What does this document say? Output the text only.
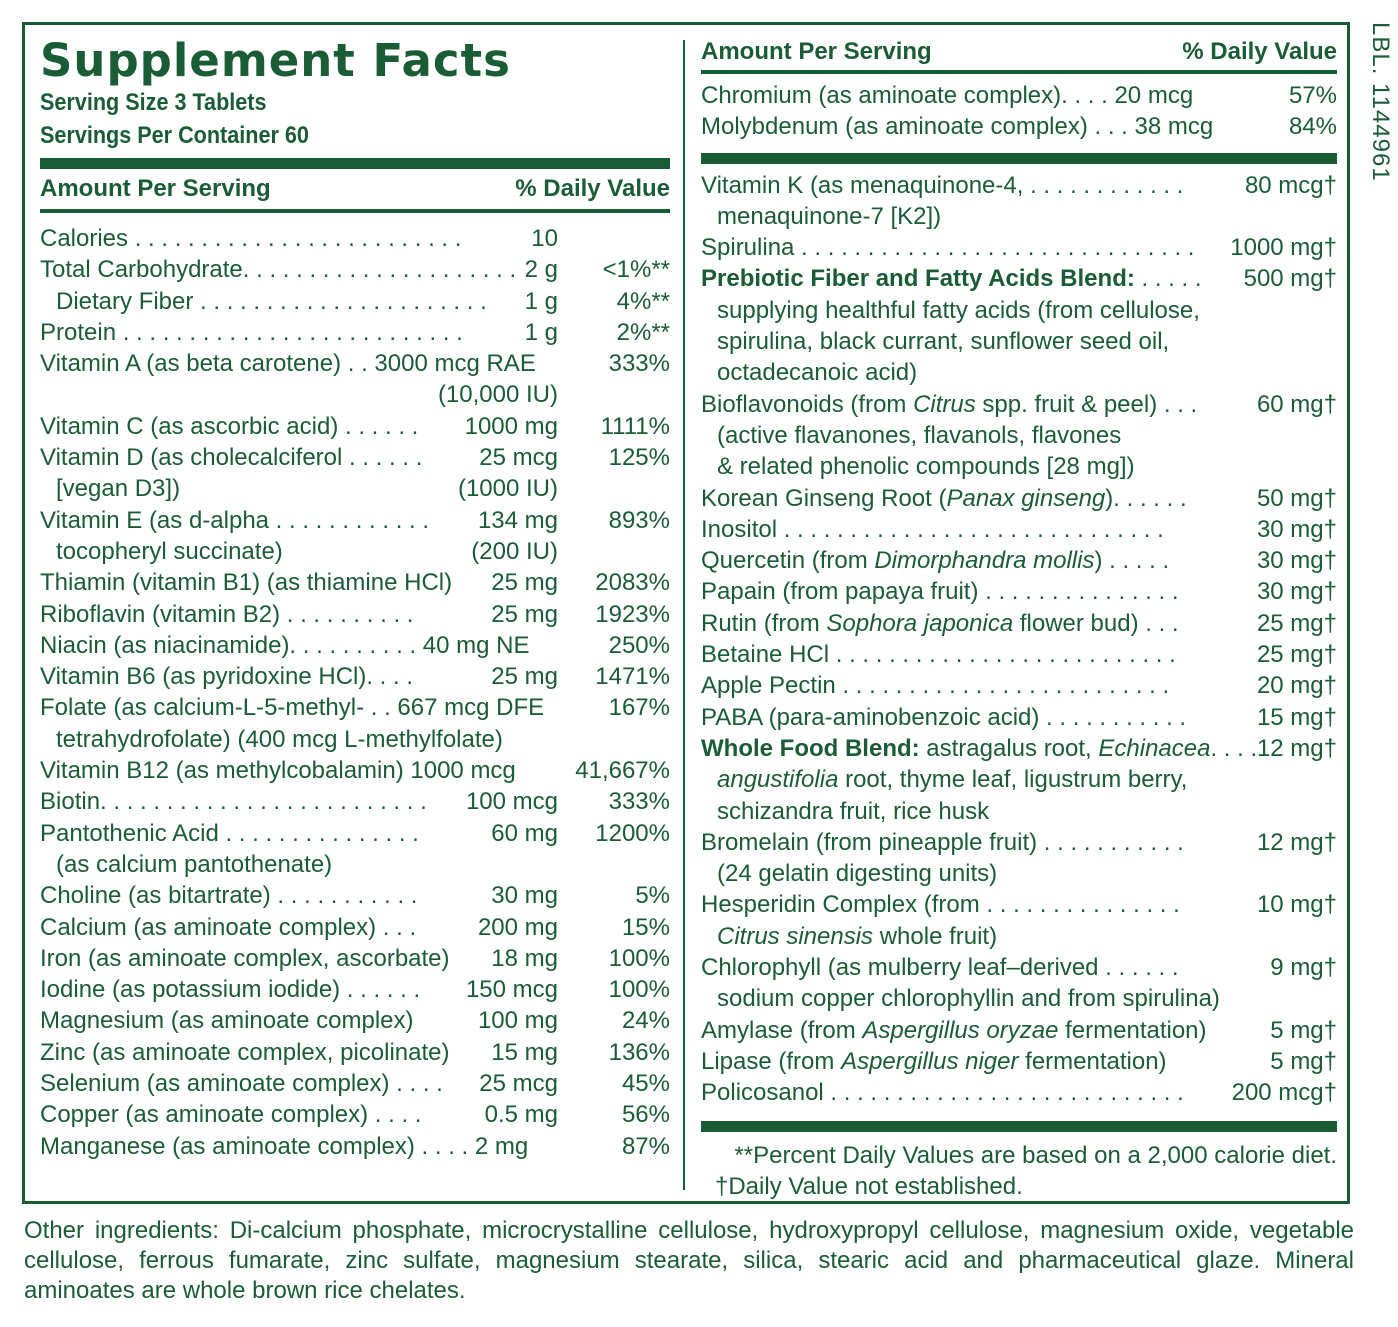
LBL. 1144961
Supplement Facts
Serving Size 3 Tablets
Servings Per Container 60
Amount Per Serving	% Daily Value
Calories . . . . . . . . . . . . . . . . . . . . . . . . .	10
Total Carbohydrate. . . . . . . . . . . . . . . . . . . . . 2 g <1%**
Dietary Fiber . . . . . . . . . . . . . . . . . . . . . . 1 g 4%**
Protein . . . . . . . . . . . . . . . . . . . . . . . . . .	1 g 2%**
Vitamin A (as beta carotene) . . 3000 mcg RAE	333%
(10,000 IU)
Vitamin C (as ascorbic acid) . . . . . . 1000 mg 1111%
Vitamin D (as cholecalciferol . . . . . . 25 mcg 125%
[vegan D3])	(1000 IU)
Vitamin E (as d-alpha . . . . . . . . . . . . 134 mg 893%
tocopheryl succinate)	(200 IU)
Thiamin (vitamin B1) (as thiamine HCl) 25 mg 2083%
Riboflavin (vitamin B2) . . . . . . . . . .	25 mg 1923%
Niacin (as niacinamide). . . . . . . . . . 40 mg NE	250%
Vitamin B6 (as pyridoxine HCl). . . .	25 mg 1471%
Folate (as calcium-L-5-methyl- . . 667 mcg DFE	167%
tetrahydrofolate) (400 mcg L-methylfolate)
Vitamin B12 (as methylcobalamin) 1000 mcg 41,667%
Biotin. . . . . . . . . . . . . . . . . . . . . . . . . 100 mcg 333%
Pantothenic Acid . . . . . . . . . . . . . . .	60 mg 1200%
(as calcium pantothenate)
Choline (as bitartrate) . . . . . . . . . . .	30 mg	5%
Calcium (as aminoate complex) . . .	200 mg	15%
Iron (as aminoate complex, ascorbate) 18 mg 100%
Iodine (as potassium iodide) . . . . . . 150 mcg 100%
Magnesium (as aminoate complex)	100 mg	24%
Zinc (as aminoate complex, picolinate) 15 mg 136%
Selenium (as aminoate complex) . . . . 25 mcg	45%
Copper (as aminoate complex) . . . .	0.5 mg	56%
Manganese (as aminoate complex) . . . . 2 mg	87%
Amount Per Serving	% Daily Value
Chromium (as aminoate complex). . . . 20 mcg	57%
Molybdenum (as aminoate complex) . . . 38 mcg	84%
Vitamin K (as menaquinone-4, . . . . . . . . . . . .	80 mcg†
menaquinone-7 [K2])
Spirulina . . . . . . . . . . . . . . . . . . . . . . . . . . . . . . 1000 mg†
Prebiotic Fiber and Fatty Acids Blend: . . . . . 500 mg†
supplying healthful fatty acids (from cellulose,
spirulina, black currant, sunflower seed oil,
octadecanoic acid)
Bioflavonoids (from Citrus spp. fruit & peel) . . . 60 mg†
(active flavanones, flavanols, flavones
& related phenolic compounds [28 mg])
Korean Ginseng Root (Panax ginseng). . . . . .	50 mg†
Inositol . . . . . . . . . . . . . . . . . . . . . . . . . . . . .	30 mg†
Quercetin (from Dimorphandra mollis) . . . . .	30 mg†
Papain (from papaya fruit) . . . . . . . . . . . . . . .	30 mg†
Rutin (from Sophora japonica flower bud) . . .	25 mg†
Betaine HCl . . . . . . . . . . . . . . . . . . . . . . . . . .	25 mg†
Apple Pectin . . . . . . . . . . . . . . . . . . . . . . . . .	20 mg†
PABA (para-aminobenzoic acid) . . . . . . . . . . .	15 mg†
Whole Food Blend: astragalus root, Echinacea. . . . 12 mg†
angustifolia root, thyme leaf, ligustrum berry,
schizandra fruit, rice husk
Bromelain (from pineapple fruit) . . . . . . . . . . .	12 mg†
(24 gelatin digesting units)
Hesperidin Complex (from . . . . . . . . . . . . . . .	10 mg†
Citrus sinensis whole fruit)
Chlorophyll (as mulberry leaf–derived . . . . . .	9 mg†
sodium copper chlorophyllin and from spirulina)
Amylase (from Aspergillus oryzae fermentation)	5 mg†
Lipase (from Aspergillus niger fermentation)	5 mg†
Policosanol . . . . . . . . . . . . . . . . . . . . . . . . . . . 200 mcg†
**Percent Daily Values are based on a 2,000 calorie diet.
†Daily Value not established.
Other ingredients: Di-calcium phosphate, microcrystalline cellulose, hydroxypropyl cellulose, magnesium oxide, vegetable cellulose, ferrous fumarate, zinc sulfate, magnesium stearate, silica, stearic acid and pharmaceutical glaze. Mineral aminoates are whole brown rice chelates.
